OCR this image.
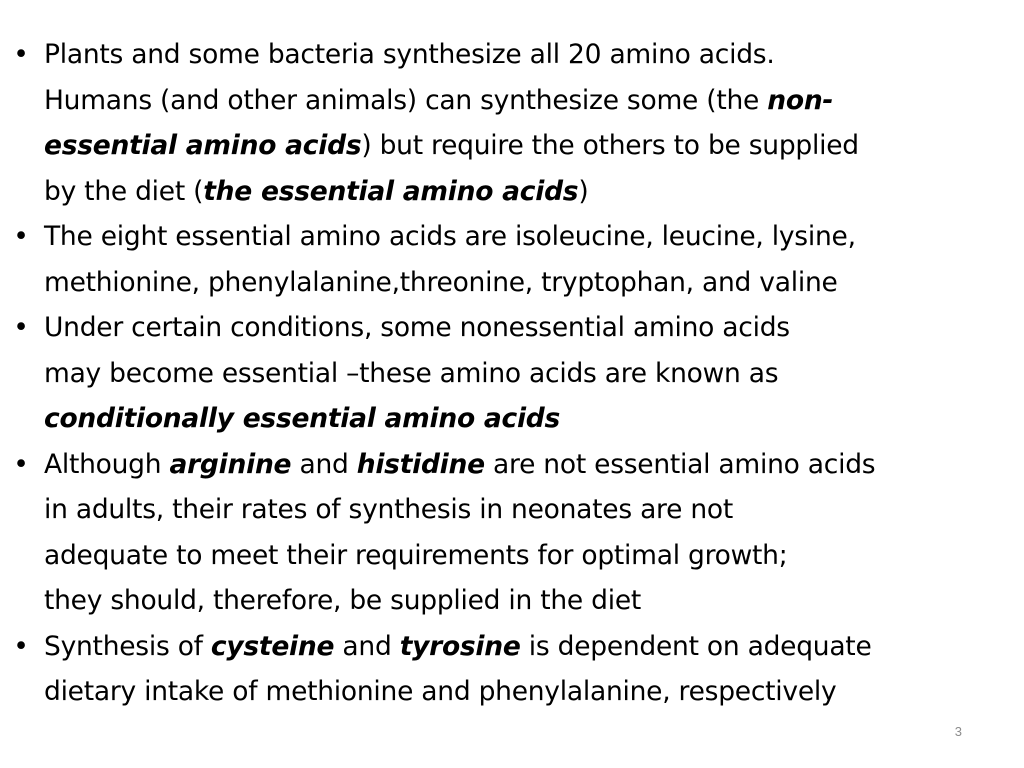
• Plants and some bacteria synthesize all 20 amino acids.
Humans (and other animals) can synthesize some (the non-
essential amino acids) but require the others to be supplied
by the diet (the essential amino acids)
• The eight essential amino acids are isoleucine, leucine, lysine,
methionine, phenylalanine,threonine, tryptophan, and valine
• Under certain conditions, some nonessential amino acids
may become essential –these amino acids are known as
conditionally essential amino acids
• Although arginine and histidine are not essential amino acids
in adults, their rates of synthesis in neonates are not
adequate to meet their requirements for optimal growth;
they should, therefore, be supplied in the diet
• Synthesis of cysteine and tyrosine is dependent on adequate
dietary intake of methionine and phenylalanine, respectively
3
